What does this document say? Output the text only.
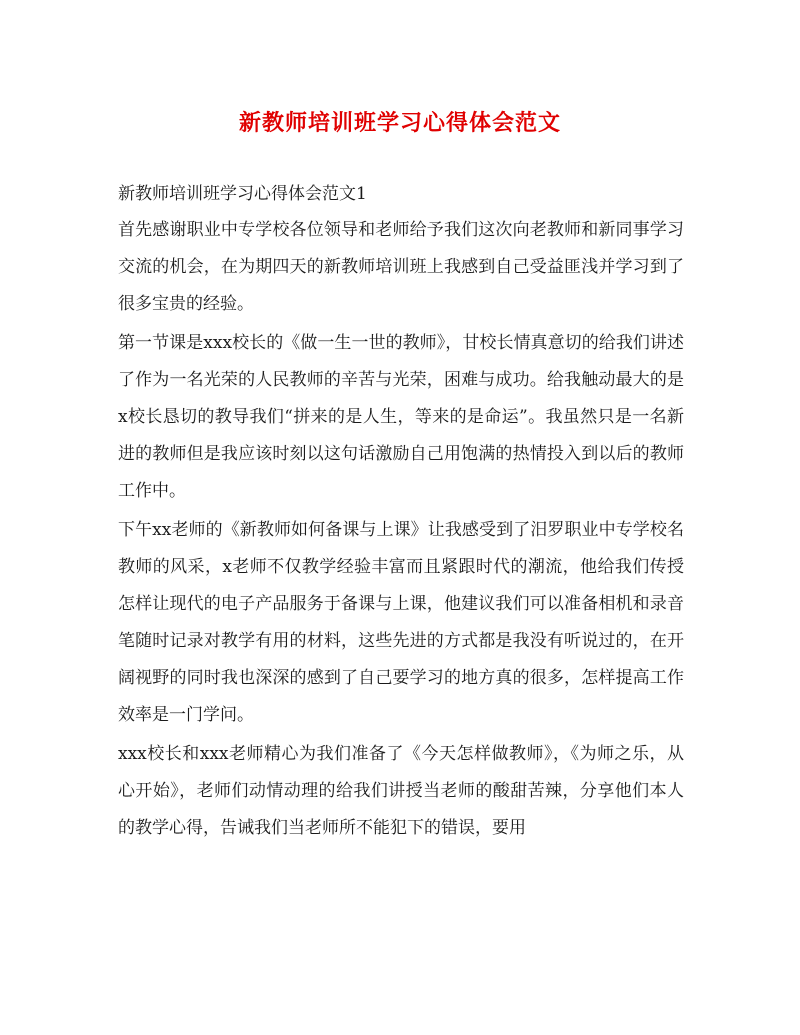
新教师培训班学习心得体会范文

新教师培训班学习心得体会范文1

首先感谢职业中专学校各位领导和老师给予我们这次向老教师和新同事学习交流的机会，在为期四天的新教师培训班上我感到自己受益匪浅并学习到了很多宝贵的经验。

第一节课是xxx校长的《做一生一世的教师》，甘校长情真意切的给我们讲述了作为一名光荣的人民教师的辛苦与光荣，困难与成功。给我触动最大的是x校长恳切的教导我们“拼来的是人生，等来的是命运”。我虽然只是一名新进的教师但是我应该时刻以这句话激励自己用饱满的热情投入到以后的教师工作中。

下午xx老师的《新教师如何备课与上课》让我感受到了汨罗职业中专学校名教师的风采，x老师不仅教学经验丰富而且紧跟时代的潮流，他给我们传授怎样让现代的电子产品服务于备课与上课，他建议我们可以准备相机和录音笔随时记录对教学有用的材料，这些先进的方式都是我没有听说过的，在开阔视野的同时我也深深的感到了自己要学习的地方真的很多，怎样提高工作效率是一门学问。

xxx校长和xxx老师精心为我们准备了《今天怎样做教师》，《为师之乐，从心开始》，老师们动情动理的给我们讲授当老师的酸甜苦辣，分享他们本人的教学心得，告诫我们当老师所不能犯下的错误，要用
